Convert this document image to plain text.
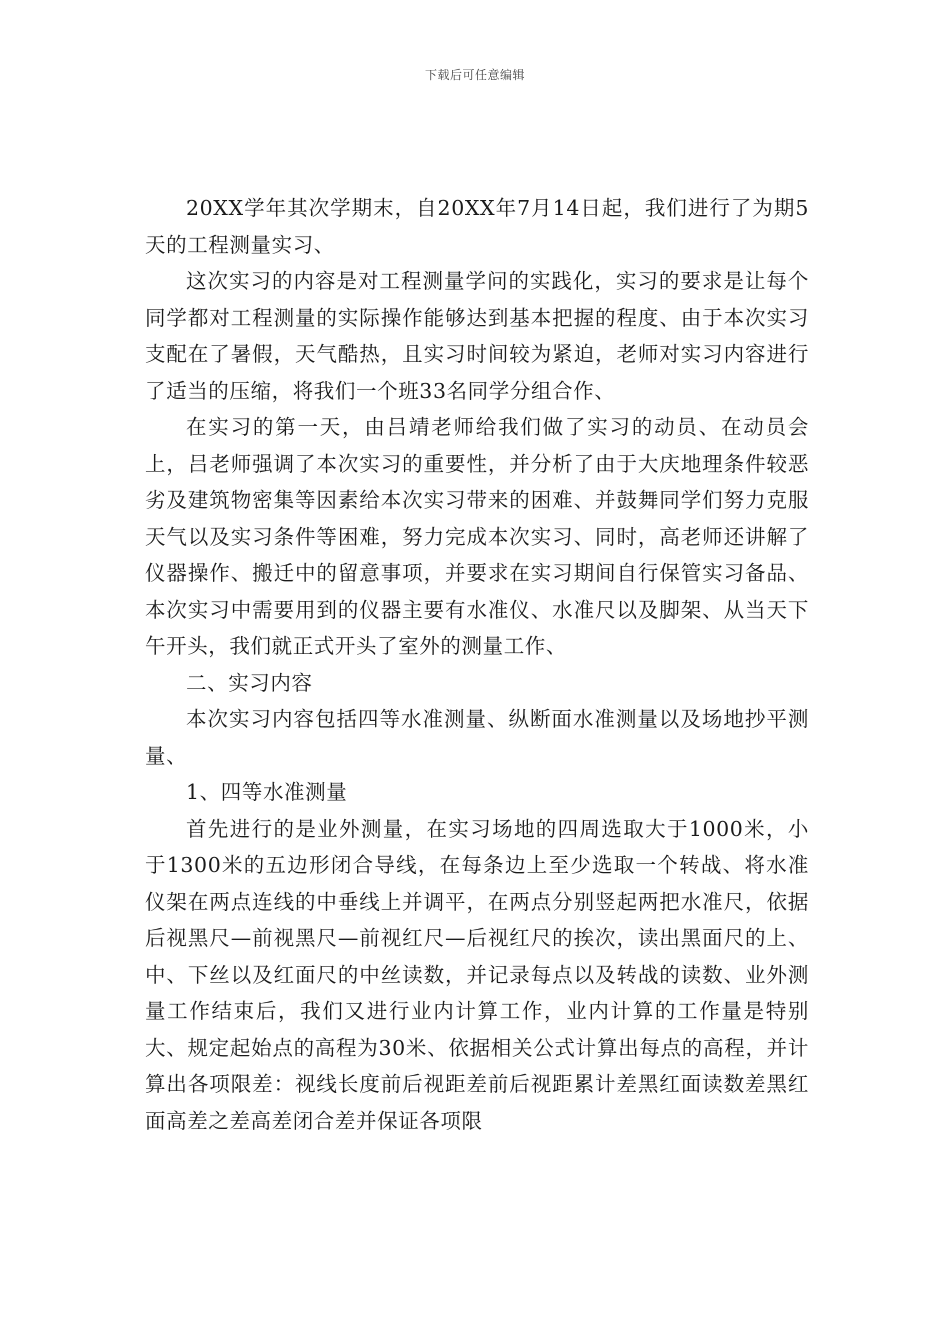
下载后可任意编辑

20XX学年其次学期末，自20XX年7月14日起，我们进行了为期5天的工程测量实习、

这次实习的内容是对工程测量学问的实践化，实习的要求是让每个同学都对工程测量的实际操作能够达到基本把握的程度、由于本次实习支配在了暑假，天气酷热，且实习时间较为紧迫，老师对实习内容进行了适当的压缩，将我们一个班33名同学分组合作、

在实习的第一天，由吕靖老师给我们做了实习的动员、在动员会上，吕老师强调了本次实习的重要性，并分析了由于大庆地理条件较恶劣及建筑物密集等因素给本次实习带来的困难、并鼓舞同学们努力克服天气以及实习条件等困难，努力完成本次实习、同时，高老师还讲解了仪器操作、搬迁中的留意事项，并要求在实习期间自行保管实习备品、本次实习中需要用到的仪器主要有水准仪、水准尺以及脚架、从当天下午开头，我们就正式开头了室外的测量工作、

二、实习内容

本次实习内容包括四等水准测量、纵断面水准测量以及场地抄平测量、

1、四等水准测量

首先进行的是业外测量，在实习场地的四周选取大于1000米，小于1300米的五边形闭合导线，在每条边上至少选取一个转战、将水准仪架在两点连线的中垂线上并调平，在两点分别竖起两把水准尺，依据后视黑尺—前视黑尺—前视红尺—后视红尺的挨次，读出黑面尺的上、中、下丝以及红面尺的中丝读数，并记录每点以及转战的读数、业外测量工作结束后，我们又进行业内计算工作，业内计算的工作量是特别大、规定起始点的高程为30米、依据相关公式计算出每点的高程，并计算出各项限差：视线长度前后视距差前后视距累计差黑红面读数差黑红面高差之差高差闭合差并保证各项限
